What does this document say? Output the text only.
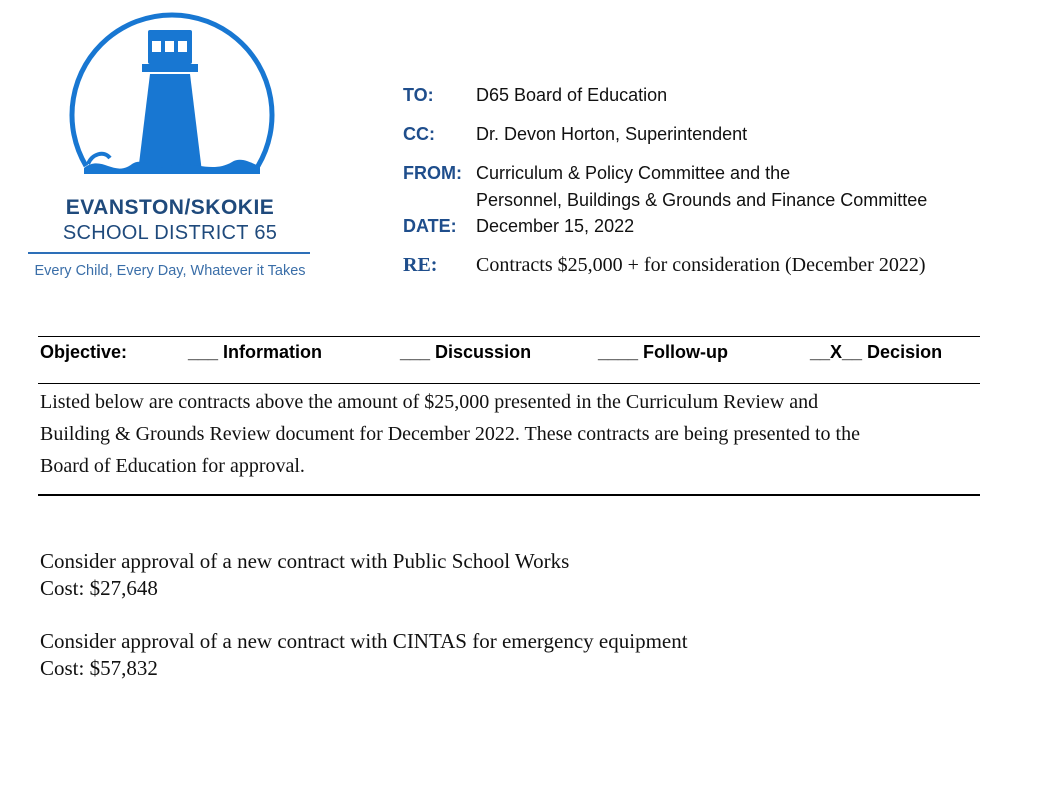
EVANSTON/SKOKIE
SCHOOL DISTRICT 65
Every Child, Every Day, Whatever it Takes
TO: D65 Board of Education
CC: Dr. Devon Horton, Superintendent
FROM: Curriculum & Policy Committee and the
Personnel, Buildings & Grounds and Finance Committee
DATE: December 15, 2022
RE: Contracts $25,000 + for consideration (December 2022)
Objective:	___ Information	___ Discussion	____ Follow-up	__X__ Decision
Listed below are contracts above the amount of $25,000 presented in the Curriculum Review and
Building & Grounds Review document for December 2022. These contracts are being presented to the
Board of Education for approval.
Consider approval of a new contract with Public School Works
Cost: $27,648
Consider approval of a new contract with CINTAS for emergency equipment
Cost: $57,832
